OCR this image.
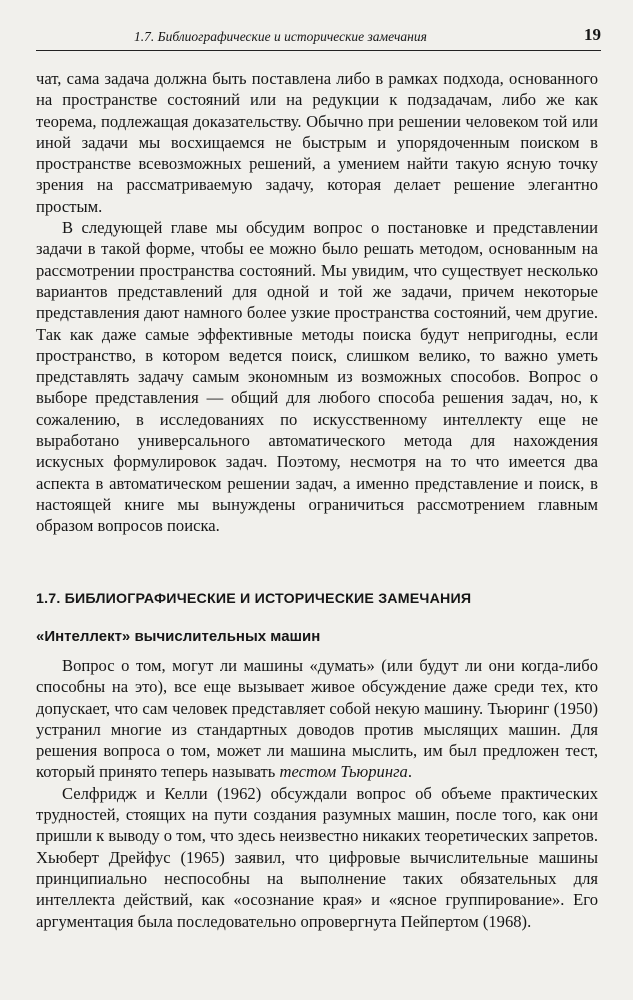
1.7. Библиографические и исторические замечания	19

чат, сама задача должна быть поставлена либо в рамках подхода, основанного на пространстве состояний или на редукции к подзадачам, либо же как теорема, подлежащая доказательству. Обычно при решении человеком той или иной задачи мы восхищаемся не быстрым и упорядоченным поиском в пространстве всевозможных решений, а умением найти такую ясную точку зрения на рассматриваемую задачу, которая делает решение элегантно простым.

В следующей главе мы обсудим вопрос о постановке и представлении задачи в такой форме, чтобы ее можно было решать методом, основанным на рассмотрении пространства состояний. Мы увидим, что существует несколько вариантов представлений для одной и той же задачи, причем некоторые представления дают намного более узкие пространства состояний, чем другие. Так как даже самые эффективные методы поиска будут непригодны, если пространство, в котором ведется поиск, слишком велико, то важно уметь представлять задачу самым экономным из возможных способов. Вопрос о выборе представления — общий для любого способа решения задач, но, к сожалению, в исследованиях по искусственному интеллекту еще не выработано универсального автоматического метода для нахождения искусных формулировок задач. Поэтому, несмотря на то что имеется два аспекта в автоматическом решении задач, а именно представление и поиск, в настоящей книге мы вынуждены ограничиться рассмотрением главным образом вопросов поиска.

1.7. БИБЛИОГРАФИЧЕСКИЕ И ИСТОРИЧЕСКИЕ ЗАМЕЧАНИЯ
«Интеллект» вычислительных машин

Вопрос о том, могут ли машины «думать» (или будут ли они когда-либо способны на это), все еще вызывает живое обсуждение даже среди тех, кто допускает, что сам человек представляет собой некую машину. Тьюринг (1950) устранил многие из стандартных доводов против мыслящих машин. Для решения вопроса о том, может ли машина мыслить, им был предложен тест, который принято теперь называть тестом Тьюринга.

Селфридж и Келли (1962) обсуждали вопрос об объеме практических трудностей, стоящих на пути создания разумных машин, после того, как они пришли к выводу о том, что здесь неизвестно никаких теоретических запретов. Хьюберт Дрейфус (1965) заявил, что цифровые вычислительные машины принципиально неспособны на выполнение таких обязательных для интеллекта действий, как «осознание края» и «ясное группирование». Его аргументация была последовательно опровергнута Пейпертом (1968).
